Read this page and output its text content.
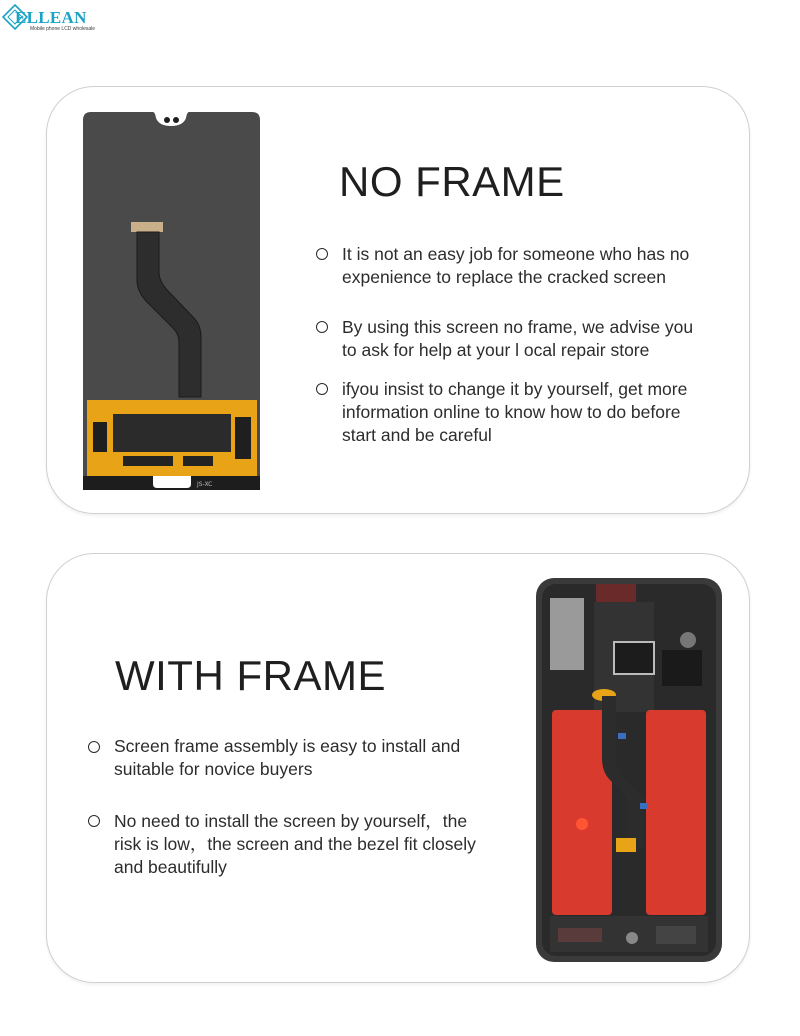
ELLEAN
Mobile phone LCD wholesale
JS-XC
NO FRAME
It is not an easy job for someone who has no
expenience to replace the cracked screen
By using this screen no frame, we advise you
to ask for help at your l ocal repair store
ifyou insist to change it by yourself, get more
information online to know how to do before
start and be careful
WITH FRAME
Screen frame assembly is easy to install and
suitable for novice buyers
No need to install the screen by yourself，the
risk is low，the screen and the bezel fit closely
and beautifully
